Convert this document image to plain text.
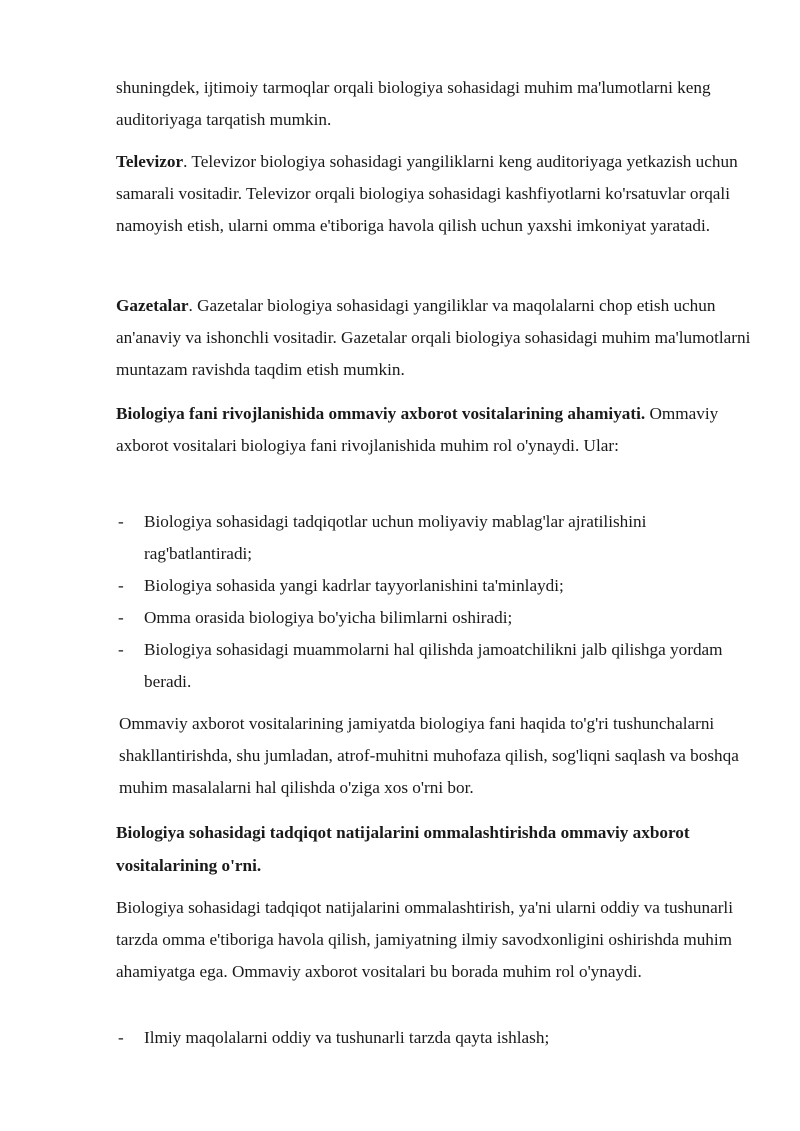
shuningdek, ijtimoiy tarmoqlar orqali biologiya sohasidagi muhim ma'lumotlarni keng auditoriyaga tarqatish mumkin.

Televizor. Televizor biologiya sohasidagi yangiliklarni keng auditoriyaga yetkazish uchun samarali vositadir. Televizor orqali biologiya sohasidagi kashfiyotlarni ko'rsatuvlar orqali namoyish etish, ularni omma e'tiboriga havola qilish uchun yaxshi imkoniyat yaratadi.

Gazetalar. Gazetalar biologiya sohasidagi yangiliklar va maqolalarni chop etish uchun an'anaviy va ishonchli vositadir. Gazetalar orqali biologiya sohasidagi muhim ma'lumotlarni muntazam ravishda taqdim etish mumkin.

Biologiya fani rivojlanishida ommaviy axborot vositalarining ahamiyati. Ommaviy axborot vositalari biologiya fani rivojlanishida muhim rol o'ynaydi. Ular:

- Biologiya sohasidagi tadqiqotlar uchun moliyaviy mablag'lar ajratilishini rag'batlantiradi;
- Biologiya sohasida yangi kadrlar tayyorlanishini ta'minlaydi;
- Omma orasida biologiya bo'yicha bilimlarni oshiradi;
- Biologiya sohasidagi muammolarni hal qilishda jamoatchilikni jalb qilishga yordam beradi.

Ommaviy axborot vositalarining jamiyatda biologiya fani haqida to'g'ri tushunchalarni shakllantirishda, shu jumladan, atrof-muhitni muhofaza qilish, sog'liqni saqlash va boshqa muhim masalalarni hal qilishda o'ziga xos o'rni bor.

Biologiya sohasidagi tadqiqot natijalarini ommalashtirishda ommaviy axborot vositalarining o'rni.

Biologiya sohasidagi tadqiqot natijalarini ommalashtirish, ya'ni ularni oddiy va tushunarli tarzda omma e'tiboriga havola qilish, jamiyatning ilmiy savodxonligini oshirishda muhim ahamiyatga ega. Ommaviy axborot vositalari bu borada muhim rol o'ynaydi.

- Ilmiy maqolalarni oddiy va tushunarli tarzda qayta ishlash;
